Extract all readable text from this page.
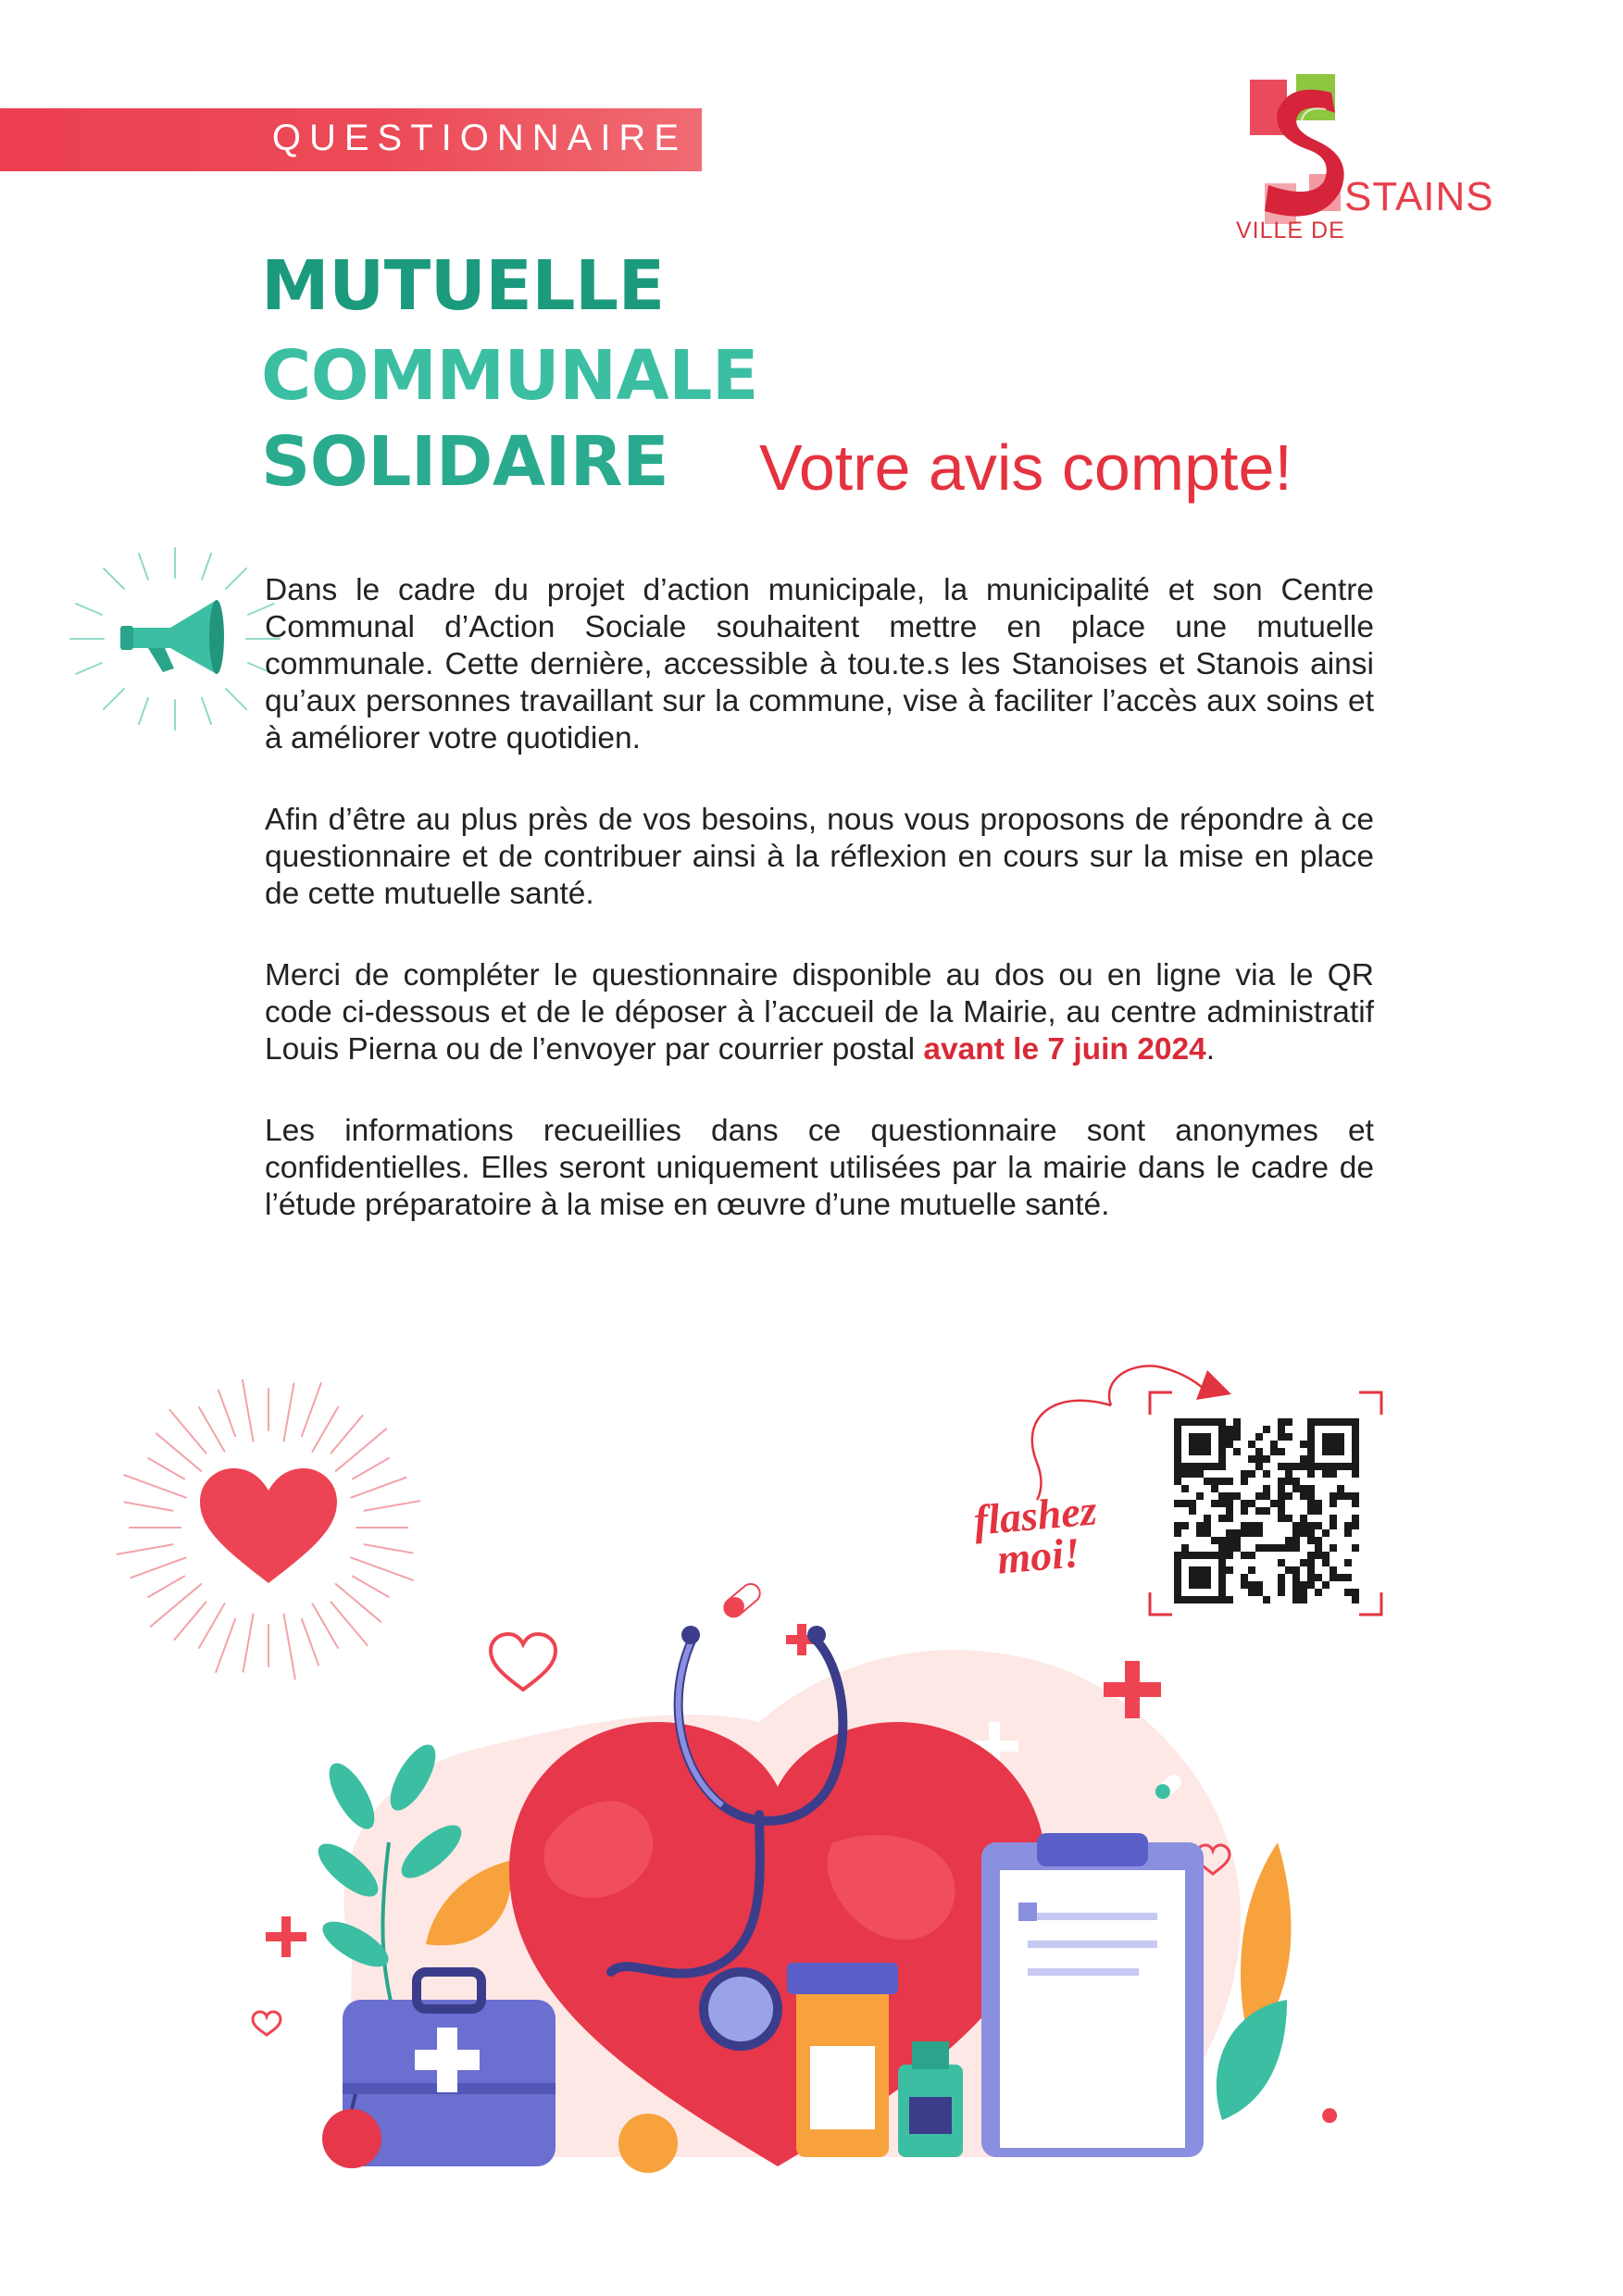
QUESTIONNAIRE
VILLE DE
STAINS
MUTUELLE
COMMUNALE
SOLIDAIRE Votre avis compte!

Dans le cadre du projet d’action municipale, la municipalité et son Centre Communal d’Action Sociale souhaitent mettre en place une mutuelle communale. Cette dernière, accessible à tou.te.s les Stanoises et Stanois ainsi qu’aux personnes travaillant sur la commune, vise à faciliter l’accès aux soins et à améliorer votre quotidien.

Afin d’être au plus près de vos besoins, nous vous proposons de répondre à ce questionnaire et de contribuer ainsi à la réflexion en cours sur la mise en place de cette mutuelle santé.

Merci de compléter le questionnaire disponible au dos ou en ligne via le QR code ci-dessous et de le déposer à l’accueil de la Mairie, au centre administratif Louis Pierna ou de l’envoyer par courrier postal avant le 7 juin 2024.

Les informations recueillies dans ce questionnaire sont anonymes et confidentielles. Elles seront uniquement utilisées par la mairie dans le cadre de l’étude préparatoire à la mise en œuvre d’une mutuelle santé.

flashez
moi!
